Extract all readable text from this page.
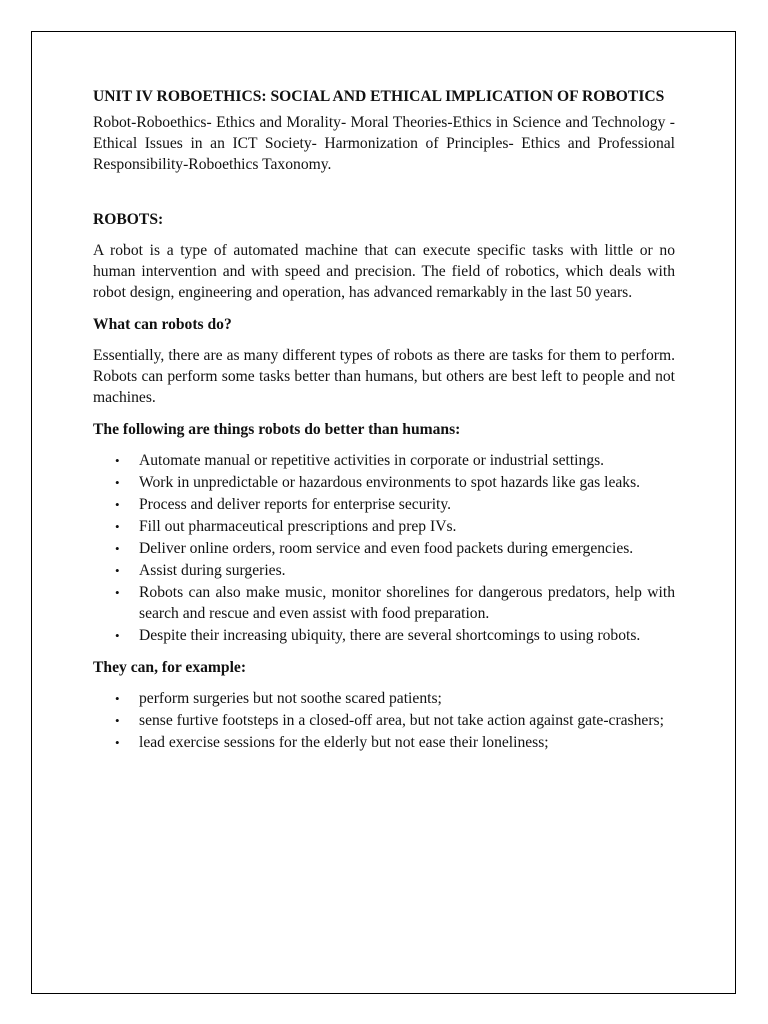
UNIT IV ROBOETHICS: SOCIAL AND ETHICAL IMPLICATION OF ROBOTICS

Robot-Roboethics- Ethics and Morality- Moral Theories-Ethics in Science and Technology - Ethical Issues in an ICT Society- Harmonization of Principles- Ethics and Professional Responsibility-Roboethics Taxonomy.

ROBOTS:

A robot is a type of automated machine that can execute specific tasks with little or no human intervention and with speed and precision. The field of robotics, which deals with robot design, engineering and operation, has advanced remarkably in the last 50 years.

What can robots do?

Essentially, there are as many different types of robots as there are tasks for them to perform. Robots can perform some tasks better than humans, but others are best left to people and not machines.

The following are things robots do better than humans:
• Automate manual or repetitive activities in corporate or industrial settings.
• Work in unpredictable or hazardous environments to spot hazards like gas leaks.
• Process and deliver reports for enterprise security.
• Fill out pharmaceutical prescriptions and prep IVs.
• Deliver online orders, room service and even food packets during emergencies.
• Assist during surgeries.
• Robots can also make music, monitor shorelines for dangerous predators, help with search and rescue and even assist with food preparation.
• Despite their increasing ubiquity, there are several shortcomings to using robots.
They can, for example:
• perform surgeries but not soothe scared patients;
• sense furtive footsteps in a closed-off area, but not take action against gate-crashers;
• lead exercise sessions for the elderly but not ease their loneliness;
